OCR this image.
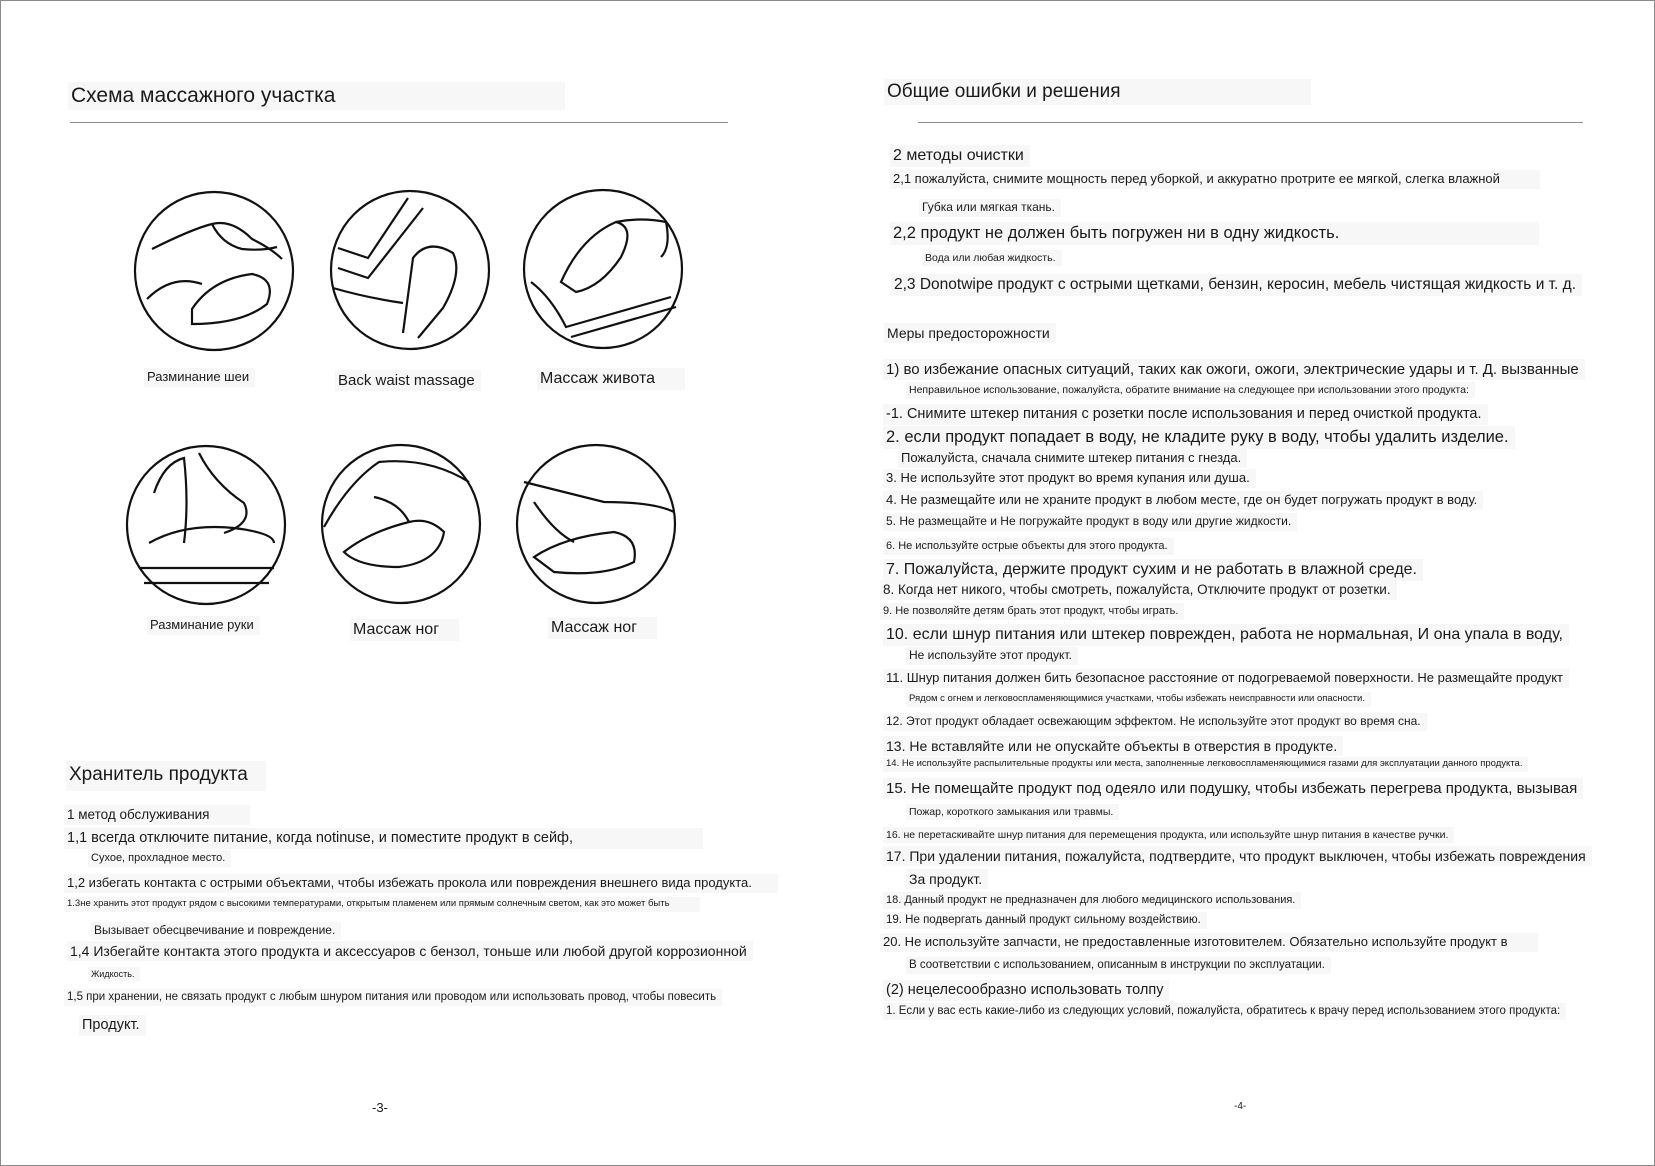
Схема массажного участка
Разминание шеи	Back waist massage	Массаж живота
Разминание руки	Массаж ног	Массаж ног
Хранитель продукта
1 метод обслуживания
1,1 всегда отключите питание, когда notinuse, и поместите продукт в сейф,
Сухое, прохладное место.
1,2 избегать контакта с острыми объектами, чтобы избежать прокола или повреждения внешнего вида продукта.
1.3не хранить этот продукт рядом с высокими температурами, открытым пламенем или прямым солнечным светом, как это может быть
Вызывает обесцвечивание и повреждение.
1,4 Избегайте контакта этого продукта и аксессуаров с бензол, тоньше или любой другой коррозионной
Жидкость.
1,5 при хранении, не связать продукт с любым шнуром питания или проводом или использовать провод, чтобы повесить
Продукт.
-3-
Общие ошибки и решения
2 методы очистки
2,1 пожалуйста, снимите мощность перед уборкой, и аккуратно протрите ее мягкой, слегка влажной
Губка или мягкая ткань.
2,2 продукт не должен быть погружен ни в одну жидкость.
Вода или любая жидкость.
2,3 Donotwipe продукт с острыми щетками, бензин, керосин, мебель чистящая жидкость и т. д.
Меры предосторожности
1) во избежание опасных ситуаций, таких как ожоги, ожоги, электрические удары и т. Д. вызванные
Неправильное использование, пожалуйста, обратите внимание на следующее при использовании этого продукта:
-1. Снимите штекер питания с розетки после использования и перед очисткой продукта.
2. если продукт попадает в воду, не кладите руку в воду, чтобы удалить изделие.
Пожалуйста, сначала снимите штекер питания с гнезда.
3. Не используйте этот продукт во время купания или душа.
4. Не размещайте или не храните продукт в любом месте, где он будет погружать продукт в воду.
5. Не размещайте и Не погружайте продукт в воду или другие жидкости.
6. Не используйте острые объекты для этого продукта.
7. Пожалуйста, держите продукт сухим и не работать в влажной среде.
8. Когда нет никого, чтобы смотреть, пожалуйста, Отключите продукт от розетки.
9. Не позволяйте детям брать этот продукт, чтобы играть.
10. если шнур питания или штекер поврежден, работа не нормальная, И она упала в воду,
Не используйте этот продукт.
11. Шнур питания должен бить безопасное расстояние от подогреваемой поверхности. Не размещайте продукт
Рядом с огнем и легковоспламеняющимися участками, чтобы избежать неисправности или опасности.
12. Этот продукт обладает освежающим эффектом. Не используйте этот продукт во время сна.
13. Не вставляйте или не опускайте объекты в отверстия в продукте.
14. Не используйте распылительные продукты или места, заполненные легковоспламеняющимися газами для эксплуатации данного продукта.
15. Не помещайте продукт под одеяло или подушку, чтобы избежать перегрева продукта, вызывая
Пожар, короткого замыкания или травмы.
16. не перетаскивайте шнур питания для перемещения продукта, или используйте шнур питания в качестве ручки.
17. При удалении питания, пожалуйста, подтвердите, что продукт выключен, чтобы избежать повреждения
За продукт.
18. Данный продукт не предназначен для любого медицинского использования.
19. Не подвергать данный продукт сильному воздействию.
20. Не используйте запчасти, не предоставленные изготовителем. Обязательно используйте продукт в
В соответствии с использованием, описанным в инструкции по эксплуатации.
(2) нецелесообразно использовать толпу
1. Если у вас есть какие-либо из следующих условий, пожалуйста, обратитесь к врачу перед использованием этого продукта:
-4-
